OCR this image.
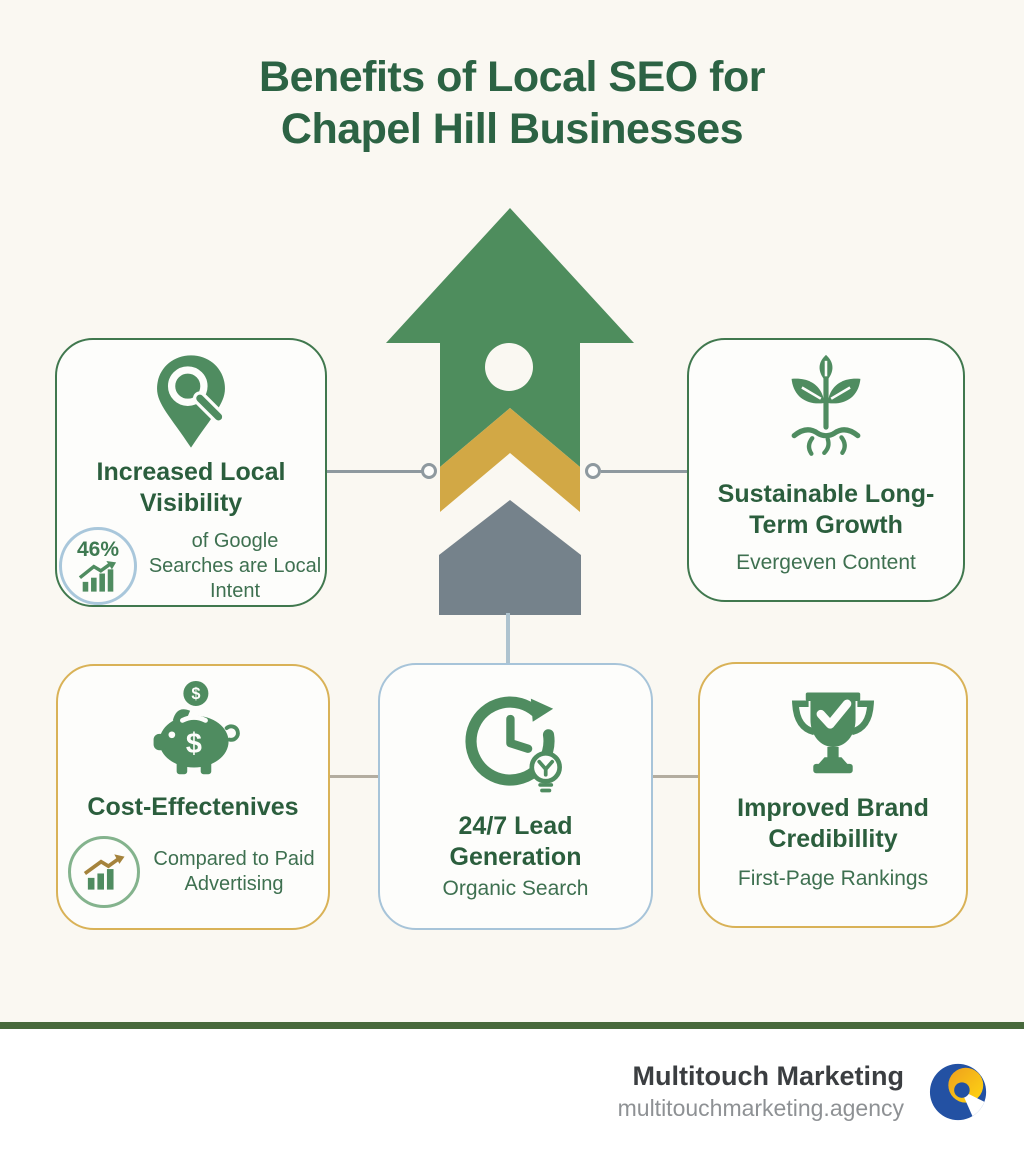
Benefits of Local SEO for
Chapel Hill Businesses
Increased Local Visibility
46%	of Google Searches are Local Intent
Sustainable Long-Term Growth
Evergeven Content
$
$
Cost-Effectenives
Compared to Paid Advertising
24/7 Lead Generation
Organic Search
Improved Brand Credibillity
First-Page Rankings
Multitouch Marketing
multitouchmarketing.agency
